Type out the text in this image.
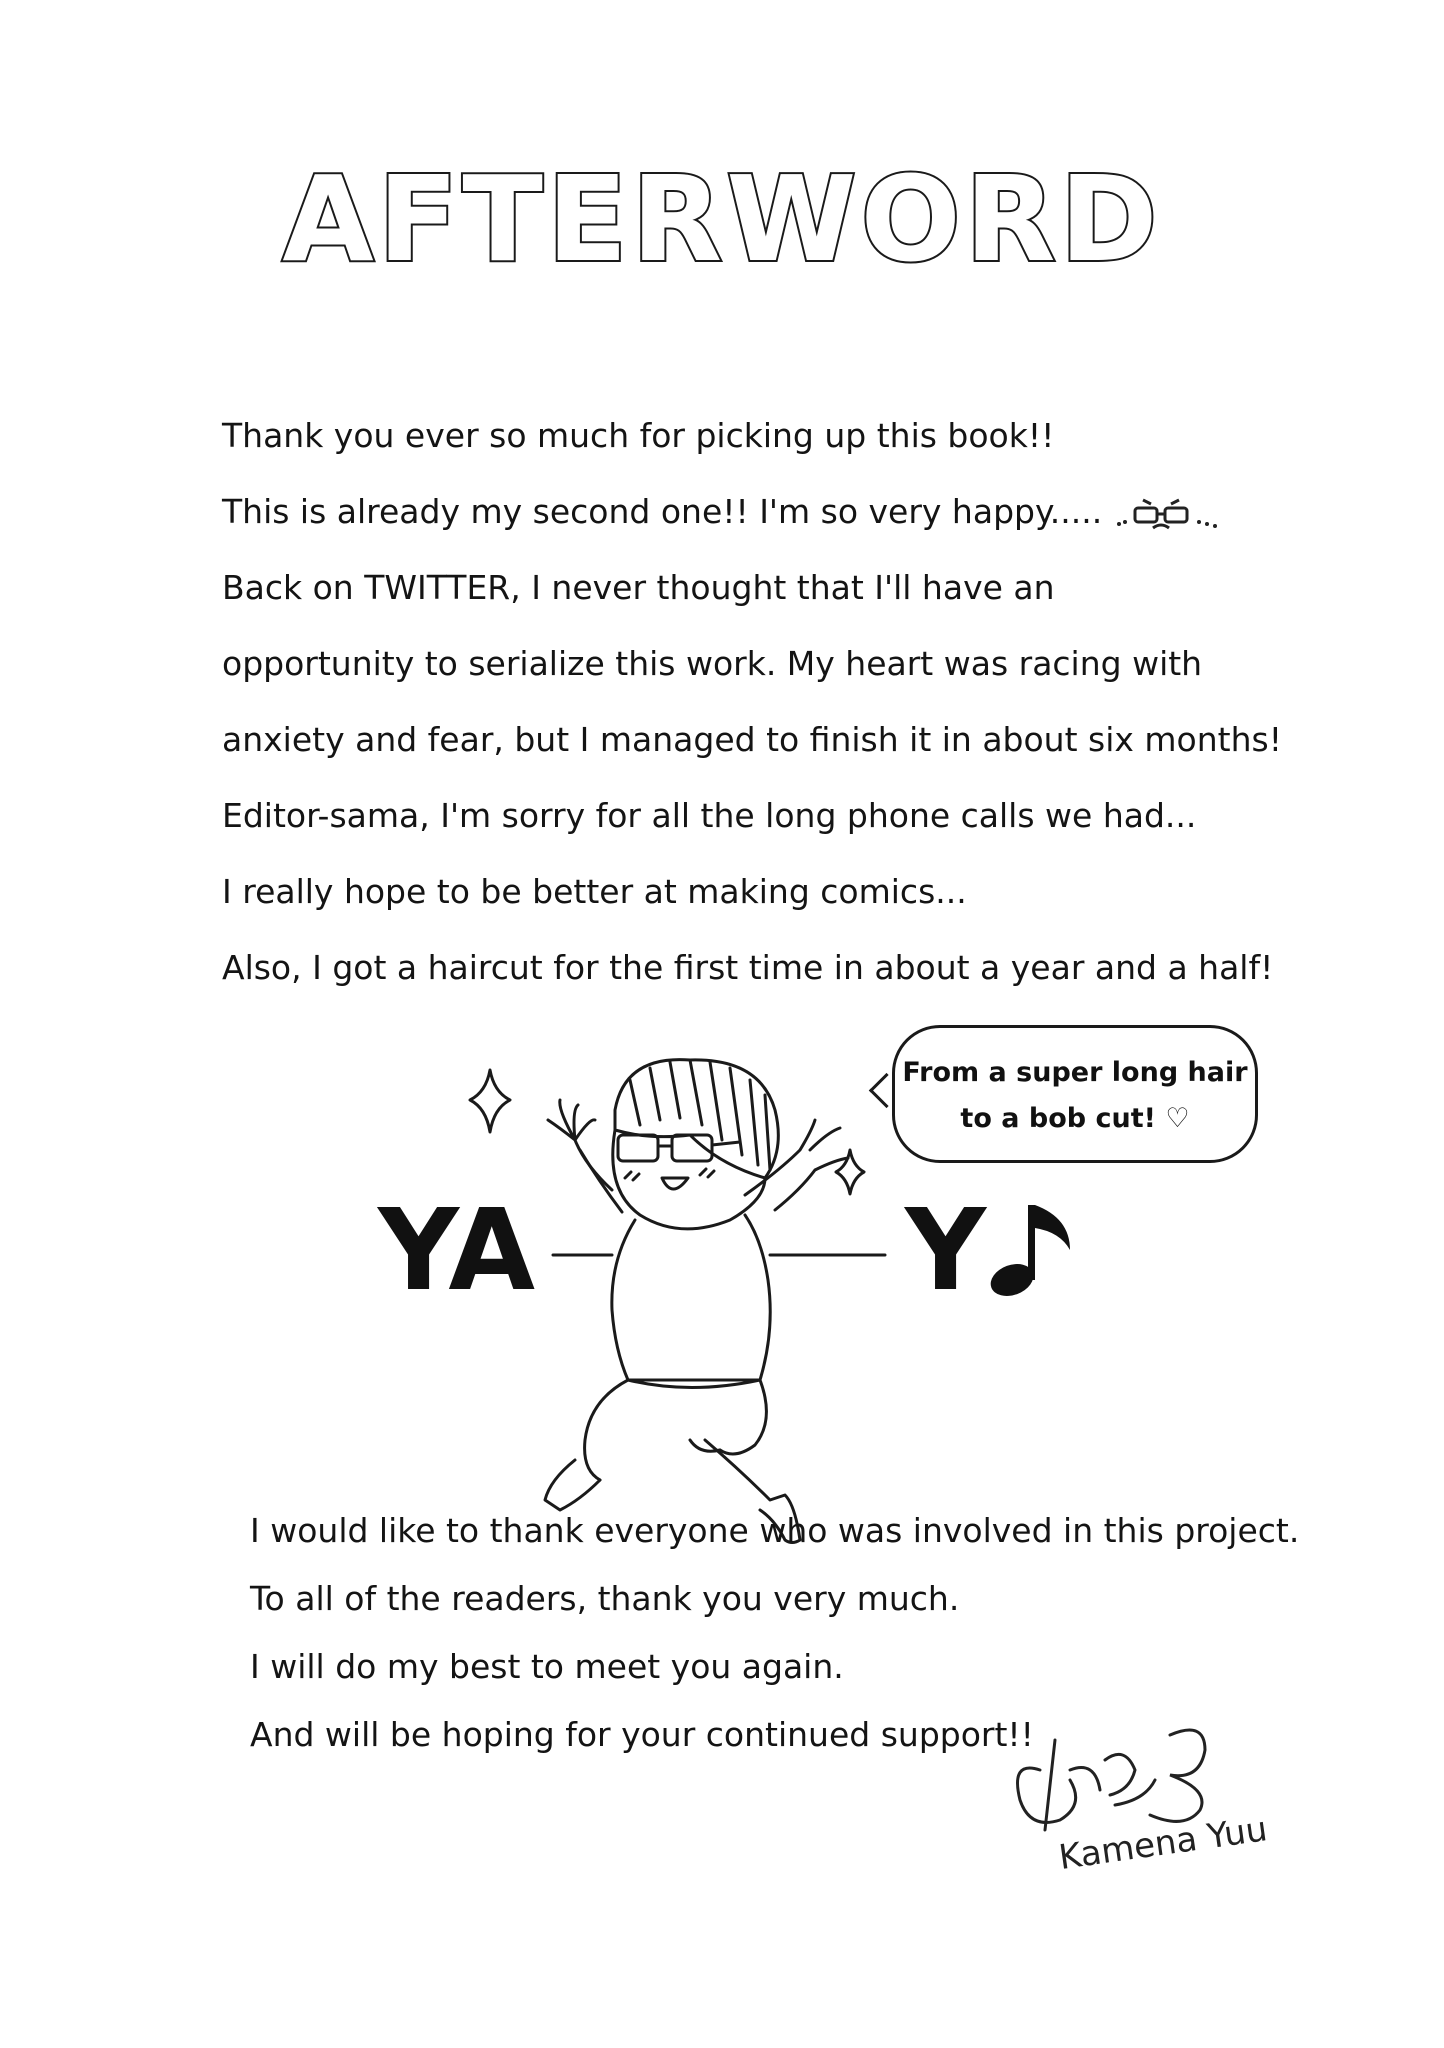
AFTERWORD
Thank you ever so much for picking up this book!!
This is already my second one!! I'm so very happy.....
Back on TWITTER, I never thought that I'll have an
opportunity to serialize this work. My heart was racing with
anxiety and fear, but I managed to finish it in about six months!
Editor-sama, I'm sorry for all the long phone calls we had...
I really hope to be better at making comics...
Also, I got a haircut for the first time in about a year and a half!
From a super long hair
to a bob cut! ♡
YA	Y
I would like to thank everyone who was involved in this project.
To all of the readers, thank you very much.
I will do my best to meet you again.
And will be hoping for your continued support!!
Kamena Yuu
